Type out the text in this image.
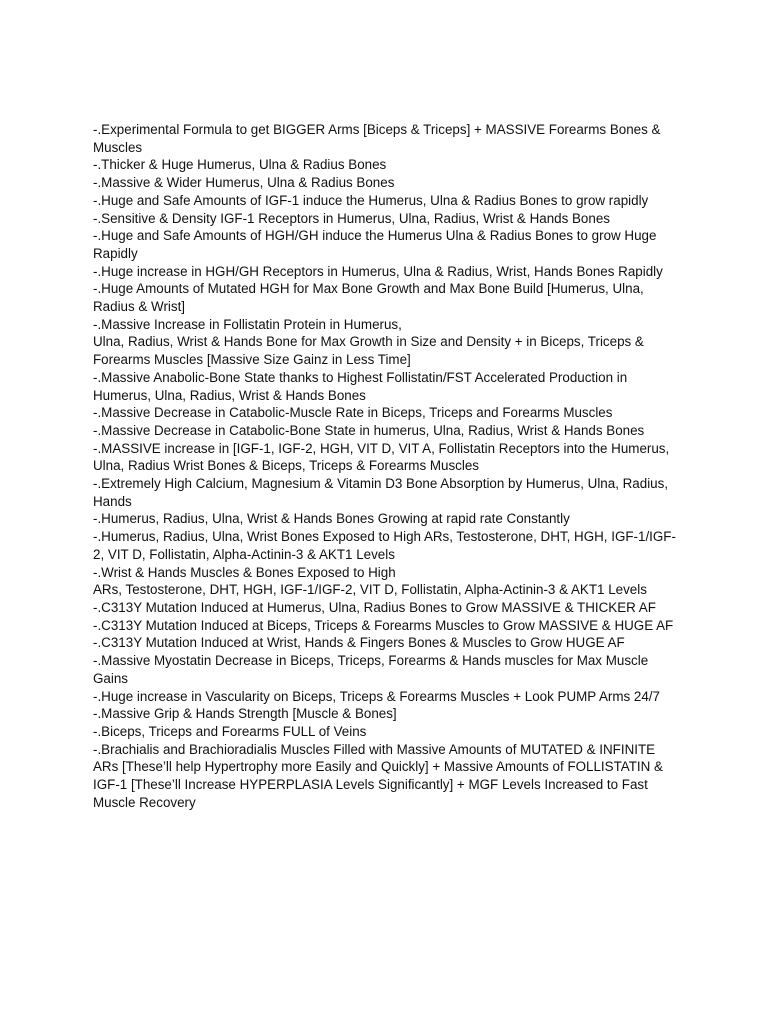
-.Experimental Formula to get BIGGER Arms [Biceps & Triceps] + MASSIVE Forearms Bones & Muscles

-.Thicker & Huge Humerus, Ulna & Radius Bones

-.Massive & Wider Humerus, Ulna & Radius Bones

-.Huge and Safe Amounts of IGF-1 induce the Humerus, Ulna & Radius Bones to grow rapidly

-.Sensitive & Density IGF-1 Receptors in Humerus, Ulna, Radius, Wrist & Hands Bones

-.Huge and Safe Amounts of HGH/GH induce the Humerus Ulna & Radius Bones to grow Huge Rapidly

-.Huge increase in HGH/GH Receptors in Humerus, Ulna & Radius, Wrist, Hands Bones Rapidly

-.Huge Amounts of Mutated HGH for Max Bone Growth and Max Bone Build [Humerus, Ulna, Radius & Wrist]

-.Massive Increase in Follistatin Protein in Humerus,

Ulna, Radius, Wrist & Hands Bone for Max Growth in Size and Density + in Biceps, Triceps & Forearms Muscles [Massive Size Gainz in Less Time]

-.Massive Anabolic-Bone State thanks to Highest Follistatin/FST Accelerated Production in Humerus, Ulna, Radius, Wrist & Hands Bones

-.Massive Decrease in Catabolic-Muscle Rate in Biceps, Triceps and Forearms Muscles

-.Massive Decrease in Catabolic-Bone State in humerus, Ulna, Radius, Wrist & Hands Bones

-.MASSIVE increase in [IGF-1, IGF-2, HGH, VIT D, VIT A, Follistatin Receptors into the Humerus, Ulna, Radius Wrist Bones & Biceps, Triceps & Forearms Muscles

-.Extremely High Calcium, Magnesium & Vitamin D3 Bone Absorption by Humerus, Ulna, Radius, Hands

-.Humerus, Radius, Ulna, Wrist & Hands Bones Growing at rapid rate Constantly

-.Humerus, Radius, Ulna, Wrist Bones Exposed to High ARs, Testosterone, DHT, HGH, IGF-1/IGF-2, VIT D, Follistatin, Alpha-Actinin-3 & AKT1 Levels

-.Wrist & Hands Muscles & Bones Exposed to High

ARs, Testosterone, DHT, HGH, IGF-1/IGF-2, VIT D, Follistatin, Alpha-Actinin-3 & AKT1 Levels

-.C313Y Mutation Induced at Humerus, Ulna, Radius Bones to Grow MASSIVE & THICKER AF

-.C313Y Mutation Induced at Biceps, Triceps & Forearms Muscles to Grow MASSIVE & HUGE AF

-.C313Y Mutation Induced at Wrist, Hands & Fingers Bones & Muscles to Grow HUGE AF

-.Massive Myostatin Decrease in Biceps, Triceps, Forearms & Hands muscles for Max Muscle Gains

-.Huge increase in Vascularity on Biceps, Triceps & Forearms Muscles + Look PUMP Arms 24/7

-.Massive Grip & Hands Strength [Muscle & Bones]

-.Biceps, Triceps and Forearms FULL of Veins

-.Brachialis and Brachioradialis Muscles Filled with Massive Amounts of MUTATED & INFINITE ARs [These’ll help Hypertrophy more Easily and Quickly] + Massive Amounts of FOLLISTATIN & IGF-1 [These’ll Increase HYPERPLASIA Levels Significantly] + MGF Levels Increased to Fast Muscle Recovery
